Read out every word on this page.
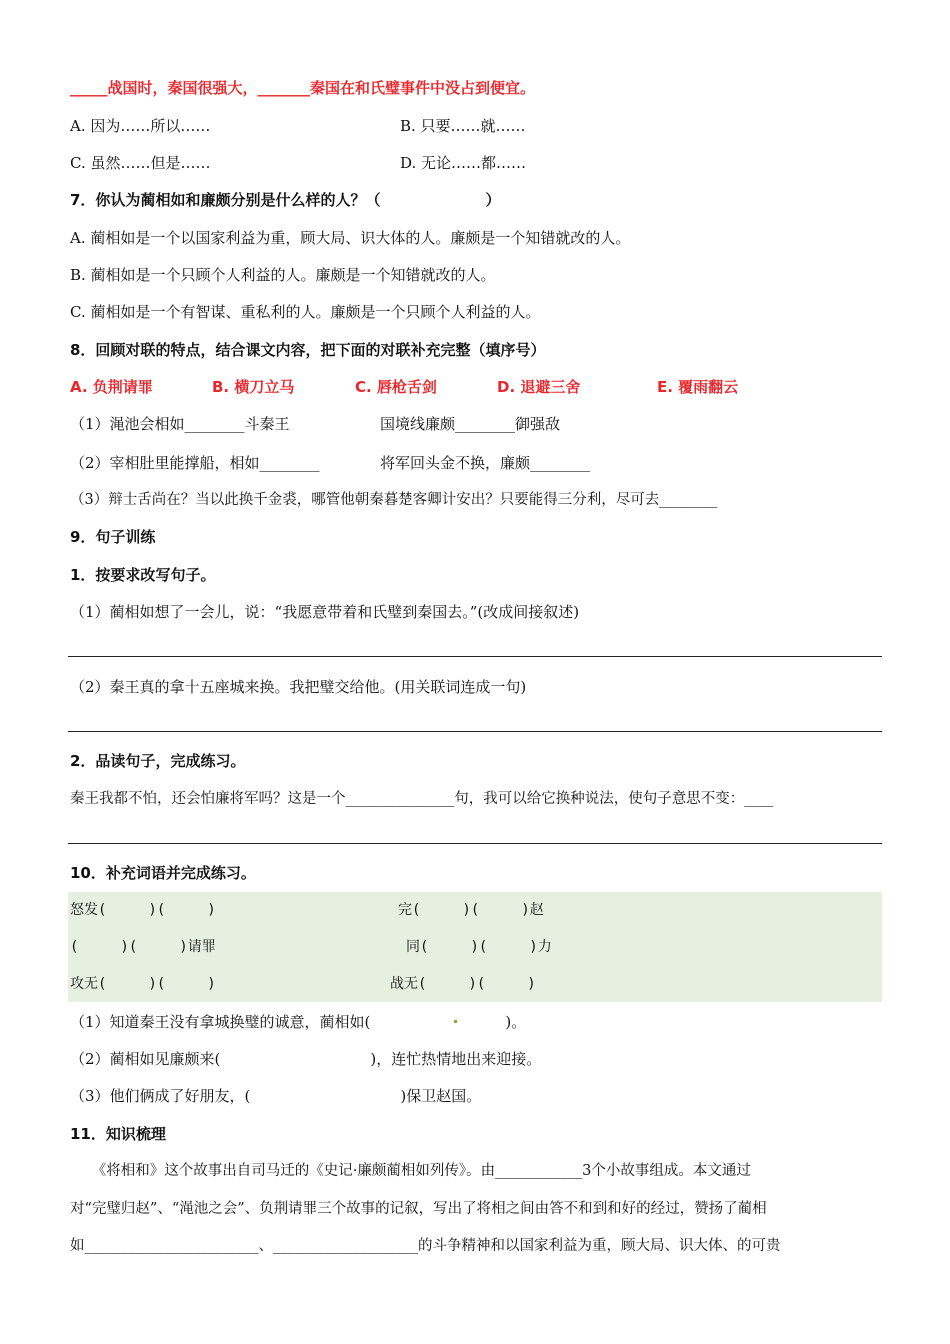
_____战国时，秦国很强大，_______秦国在和氏璧事件中没占到便宜。
A. 因为……所以……	B. 只要……就……
C. 虽然……但是……	D. 无论……都……
7．你认为蔺相如和廉颇分别是什么样的人？（　　　　　　　）
A. 蔺相如是一个以国家利益为重，顾大局、识大体的人。廉颇是一个知错就改的人。
B. 蔺相如是一个只顾个人利益的人。廉颇是一个知错就改的人。
C. 蔺相如是一个有智谋、重私利的人。廉颇是一个只顾个人利益的人。
8．回顾对联的特点，结合课文内容，把下面的对联补充完整（填序号）
A. 负荆请罪	B. 横刀立马	C. 唇枪舌剑	D. 退避三舍	E. 覆雨翻云
（1）渑池会相如________斗秦王	国境线廉颇________御强敌
（2）宰相肚里能撑船，相如________	将军回头金不换，廉颇________
（3）辩士舌尚在？当以此换千金裘，哪管他朝秦暮楚客卿计安出？只要能得三分利，尽可去________
9．句子训练
1．按要求改写句子。
（1）蔺相如想了一会儿，说：“我愿意带着和氏璧到秦国去。”(改成间接叙述)
（2）秦王真的拿十五座城来换。我把璧交给他。(用关联词连成一句)
2．品读句子，完成练习。
秦王我都不怕，还会怕廉将军吗？这是一个_______________句，我可以给它换种说法，使句子意思不变：____
10．补充词语并完成练习。
怒发(　　　)(　　　)	完(　　　)(　　　)赵
(　　　)(　　　)请罪	同(　　　)(　　　)力
攻无(　　　)(　　　)	战无(　　　)(　　　)
（1）知道秦王没有拿城换璧的诚意，蔺相如(　　　　　　　　　)。
（2）蔺相如见廉颇来(　　　　　　　　　　)，连忙热情地出来迎接。
（3）他们俩成了好朋友，(　　　　　　　　　　)保卫赵国。
11．知识梳理
　　《将相和》这个故事出自司马迁的《史记·廉颇蔺相如列传》。由____________3个小故事组成。本文通过
对“完璧归赵”、“渑池之会”、负荆请罪三个故事的记叙，写出了将相之间由答不和到和好的经过，赞扬了蔺相
如________________________、____________________的斗争精神和以国家利益为重，顾大局、识大体、的可贵
